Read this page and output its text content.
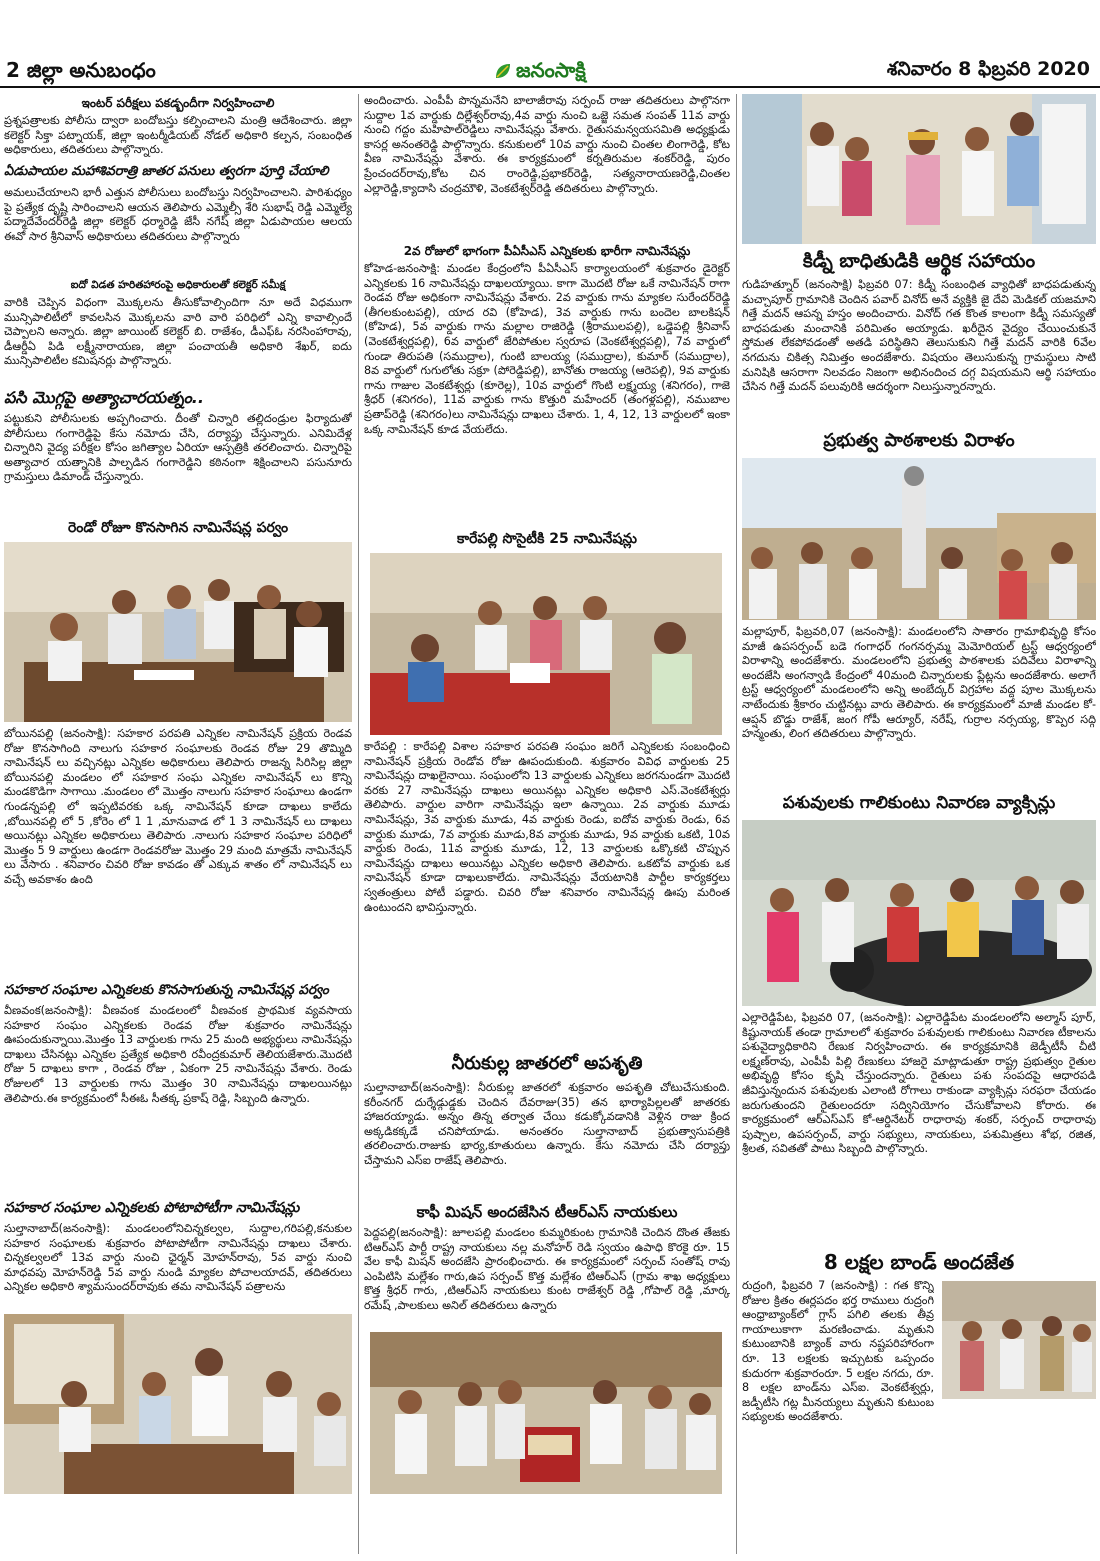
2 జిల్లా అనుబంధం	జనంసాక్షి	శనివారం 8 ఫిబ్రవరి 2020
ఇంటర్ పరీక్షలు పకడ్బందీగా నిర్వహించాలి

ప్రశ్నపత్రాలకు పోలీసు ద్వారా బందోబస్తు కల్పించాలని మంత్రి ఆదేశించారు. జిల్లా కలెక్టర్ సిక్తా పట్నాయక్, జిల్లా ఇంటర్మీడియట్ నోడల్ అధికారి కల్పన, సంబంధిత అధికారులు, తదితరులు పాల్గొన్నారు.

ఏడుపాయల మహాశివరాత్రి జాతర పనులు త్వరగా పూర్తి చేయాలి

అమలుచేయాలని భారీ ఎత్తున పోలీసులు బందోబస్తు నిర్వహించాలని. పారిశుధ్యం పై ప్రత్యేక దృష్టి సారించాలని ఆయన తెలిపారు ఎమ్మెల్సీ శేరి సుభాష్ రెడ్డి ఎమ్మెల్యే పద్మాదేవేందర్‌రెడ్డి జిల్లా కలెక్టర్ ధర్మారెడ్డి జేసీ నగేష్ జిల్లా ఏడుపాయల ఆలయ ఈవో సార శ్రీనివాస్ అధికారులు తదితరులు పాల్గొన్నారు

ఐదో విడత హరితహారంపై అధికారులతో కలెక్టర్ సమీక్ష

వారికి చెప్పిన విధంగా మొక్కలను తీసుకోవాల్సిందిగా నూ అదే విధముగా మున్సిపాలిటీలో కావలసిన మొక్కలను వారి వారి పరిధిలో ఎన్ని కావాల్సిందే చెప్పాలని అన్నారు. జిల్లా జాయింట్ కలెక్టర్ బి. రాజేశం, డీఎఫ్ఓ నరసింహారావు, డీఆర్డీఏ పిడి లక్ష్మీనారాయణ, జిల్లా పంచాయతీ అధికారి శేఖర్, ఐదు మున్సిపాలిటీల కమిషనర్లు పాల్గొన్నారు.

పసి మొగ్గపై అత్యాచారయత్నం..

పట్టుకుని పోలీసులకు అప్పగించారు. దీంతో చిన్నారి తల్లిదండ్రుల ఫిర్యాదుతో పోలీసులు గంగారెడ్డిపై కేసు నమోదు చేసి, దర్యాప్తు చేస్తున్నారు. ఎనిమిదేళ్ల చిన్నారిని వైద్య పరీక్షల కోసం జగిత్యాల ఏరియా ఆస్పత్రికి తరలించారు. చిన్నారిపై అత్యాచార యత్నానికి పాల్పడిన గంగారెడ్డిని కఠినంగా శిక్షించాలని పసునూరు గ్రామస్తులు డిమాండ్ చేస్తున్నారు.

రెండో రోజూ కొనసాగిన నామినేషన్ల పర్వం

బోయినపల్లి (జనంసాక్షి): సహకార పరపతి ఎన్నికల నామినేషన్ ప్రక్రియ రెండవ రోజు కొనసాగింది నాలుగు సహకార సంఘాలకు రెండవ రోజు 29 తొమ్మిది నామినేషన్ లు వచ్చినట్లు ఎన్నికల అధికారులు తెలిపారు రాజన్న సిరిసిల్ల జిల్లా బోయినపల్లి మండలం లో సహకార సంఘ ఎన్నికల నామినేషన్ లు కొన్ని మండకొడిగా సాగాయి .మండలం లో మొత్తం నాలుగు సహకార సంఘాలు ఉండగా గుండన్నపల్లి లో ఇప్పటివరకు ఒక్క నామినేషన్ కూడా దాఖలు కాలేదు ,బోయినపల్లి లో 5 ,కోరెం లో 1 1 ,మానువాడ లో 1 3 నామినేషన్ లు దాఖలు అయినట్లు ఎన్నికల అధికారులు తెలిపారు .నాలుగు సహకార సంఘాల పరిధిలో మొత్తం 5 9 వార్డులు ఉండగా రెండవరోజు మొత్తం 29 మంది మాత్రమే నామినేషన్ లు వేసారు . శనివారం చివరి రోజు కావడం తో ఎక్కువ శాతం లో నామినేషన్ లు వచ్చే అవకాశం ఉంది

సహకార సంఘాల ఎన్నికలకు కొనసాగుతున్న నామినేషన్ల పర్వం

వీణవంక(జనంసాక్షి): వీణవంక మండలంలో వీణవంక ప్రాథమిక వ్యవసాయ సహకార సంఘం ఎన్నికలకు రెండవ రోజు శుక్రవారం నామినేషన్లు ఊపందుకున్నాయి.మొత్తం 13 వార్డులకు గాను 25 మంది అభ్యర్థులు నామినేషన్లు దాఖలు చేసినట్లు ఎన్నికల ప్రత్యేక అధికారి రవీంద్రకుమార్ తెలియజేశారు.మొదటి రోజు 5 దాఖలు కాగా , రెండవ రోజు , ఏకంగా 25 నామినేషన్లు వేశారు. రెండు రోజులలో 13 వార్డులకు గాను మొత్తం 30 నామినేషన్లు దాఖలయినట్లు తెలిపారు.ఈ కార్యక్రమంలో సీఈఓ సీతక్క ప్రకాష్ రెడ్డి, సిబ్బంది ఉన్నారు.

సహకార సంఘాల ఎన్నికలకు పోటాపోటీగా నామినేషన్లు

సుల్తానాబాద్(జనంసాక్షి): మండలంలోనిచిన్నకల్వల, సుద్దాల,గరిపల్లి,కనుకుల సహకార సంఘాలకు శుక్రవారం పోటాపోటీగా నామినేషన్లు దాఖలు చేశారు. చిన్నకల్వలలో 13వ వార్డు నుంచి ఛైర్మన్ మోహన్‌రావు, 5వ వార్డు నుంచి మాధవపు మోహన్‌రెడ్డి 5వ వార్డు నుండి మ్యాకల పోచాలయాదవ్, తదితరులు ఎన్నికల అధికారి శ్యామసుందర్‌రావుకు తమ నామినేషన్ పత్రాలను

అందించారు. ఎంపీపీ పొన్నమనేని బాలాజీరావు సర్పంచ్ రాజు తదితరులు పాల్గొనగా సుద్దాల 1వ వార్డుకు దిల్లేశ్వర్‌రావు,4వ వార్డు నుంచి ఒజ్జె సమత సంపత్ 11వ వార్డు నుంచి గద్దం మహిపాల్‌రెడ్డిలు నామినేషన్లు వేశారు. రైతుసమన్వయసమితి అధ్యక్షుడు కాసర్ల అనంతరెడ్డి పాల్గొన్నారు. కనుకులలో 10వ వార్డు నుంచి చింతల లింగారెడ్డి, కోట వీణ నామినేషన్లు వేశారు. ఈ కార్యక్రమంలో కర్నతిరుమల శంకర్‌రెడ్డి, పురం ప్రేంచందర్‌రావు,కోట చిన రాంరెడ్డి,ప్రభాకర్‌రెడ్డి, సత్యనారాయణరెడ్డి,చింతల ఎల్లారెడ్డి,క్యాదాసి చంద్రమౌళి, వెంకటేశ్వర్‌రెడ్డి తదితరులు పాల్గొన్నారు.

2వ రోజులో భాగంగా పీఏసీఎస్ ఎన్నికలకు భారీగా నామినేషన్లు

కోహెడ-జనంసాక్షి: మండల కేంద్రంలోని పీఏసీఎస్ కార్యాలయంలో శుక్రవారం డైరెక్టర్ ఎన్నికలకు 16 నామినేషన్లు దాఖలయ్యాయి. కాగా మొదటి రోజు ఒకే నామినేషన్ రాగా రెండవ రోజు అధికంగా నామినేషన్లు వేశారు. 2వ వార్డుకు గాను మ్యాకల సురేందర్‌రెడ్డి (తీగలకుంటపల్లి), యాద రవి (కోహెడ), 3వ వార్డుకు గాను బందెల బాలకిషన్ (కోహెడ), 5వ వార్డుకు గాను మల్లాల రాజిరెడ్డి (శ్రీరాములపల్లి), ఒడ్డెపల్లి శ్రీనివాస్ (వెంకటేశ్వర్లపల్లి), 6వ వార్డులో జేరిపోతుల స్వరూప (వెంకటేశ్వర్లపల్లి), 7వ వార్డులో గుండా తిరుపతి (సముద్రాల), గుంటి బాలయ్య (సముద్రాల), కుమార్ (సముద్రాల), 8వ వార్డులో గుగులోతు సక్రూ (పోరెడ్డిపల్లి), బానోతు రాజయ్య (ఆరెపల్లి), 9వ వార్డుకు గాను గాజుల వెంకటేశ్వర్లు (కూరెల్ల), 10వ వార్డులో గొంటి లక్ష్మయ్య (శనిగరం), గాజె శ్రీధర్ (శనిగరం), 11వ వార్డుకు గాను కొత్తురి మహేందర్ (తంగళ్లపల్లి), నముబాల ప్రతాప్‌రెడ్డి (శనిగరం)లు నామినేషన్లు దాఖలు చేశారు. 1, 4, 12, 13 వార్డులలో ఇంకా ఒక్క నామినేషన్ కూడ వేయలేదు.

కారేపల్లి సొసైటీకి 25 నామినేషన్లు

కారేపల్లి : కారేపల్లి విశాల సహకార పరపతి సంఘం జరిగే ఎన్నికలకు సంబంధించి నామినేషన్ ప్రక్రియ రెండోవ రోజు ఊపందుకుంది. శుక్రవారం వివిధ వార్డులకు 25 నామినేషన్లు దాఖలైనాయి. సంఘంలోని 13 వార్డులకు ఎన్నికలు జరగనుండగా మొదటి వరకు 27 నామినేషన్లు దాఖలు అయినట్లు ఎన్నికల అధికారి ఎస్.వెంకటేశ్వర్లు తెలిపారు. వార్డుల వారిగా నామినేషన్లు ఇలా ఉన్నాయి. 2వ వార్డుకు మూడు నామినేషన్లు, 3వ వార్డుకు మూడు, 4వ వార్డుకు రెండు, ఐదోవ వార్డుకు రెండు, 6వ వార్డుకు మూడు, 7వ వార్డుకు మూడు,8వ వార్డుకు మూడు, 9వ వార్డుకు ఒకటి, 10వ వార్డుకు రెండు, 11వ వార్డుకు మూడు, 12, 13 వార్డులకు ఒక్కొకటి చొప్పున నామినేషన్లు దాఖలు అయినట్లు ఎన్నికల అధికారి తెలిపారు. ఒకటోవ వార్డుకు ఒక నామినేషన్ కూడా దాఖలుకాలేదు. నామినేషన్లు వేయటానికి పార్టీల కార్యకర్తలు స్వతంత్రులు పోటీ పడ్డారు. చివరి రోజు శనివారం నామినేషన్ల ఊపు మరింత ఉంటుందని భావిస్తున్నారు.

నీరుకుల్ల జాతరలో అపశృతి

సుల్తానాబాద్(జనంసాక్షి): నీరుకుల్ల జాతరలో శుక్రవారం అపశృతి చోటుచేసుకుంది. కరీంనగర్ దుర్శేడ్గుడ్డకు చెందిన దేవరాజు(35) తన భార్యాపిల్లలతో జాతరకు హాజరయ్యాడు. అన్నం తిన్న తర్వాత చేయి కడుక్కోవడానికి వెళ్లిన రాజు క్రింద అక్కడికక్కడే చనిపోయాడు. అనంతరం సుల్తానాబాద్ ప్రభుత్వాసుపత్రికి తరలించారు.రాజుకు భార్య,కూతురులు ఉన్నారు. కేసు నమోదు చేసి దర్యాప్తు చేస్తామని ఎస్ఐ రాజేష్ తెలిపారు.

కాఫీ మిషన్ అందజేసిన టీఆర్ఎస్ నాయకులు

పెద్దపల్లి(జనంసాక్షి): జూలపల్లి మండలం కుమ్మరికుంట గ్రామానికి చెందిన దొంత తేజకు టిఆర్ఎస్ పార్టీ రాష్ట్ర నాయకులు నల్ల మనోహర్ రెడి స్వయం ఉపాధి కొరకై రూ. 15 వేల కాఫీ మిషన్ అందజేసి ప్రారంభించారు. ఈ కార్యక్రమంలో సర్పంచ్ సంతోష్ రావు ఎంపిటిసి మల్లేశం గారు,ఉప సర్పంచ్ కొత్త మల్లేశం టిఆర్ఎస్ (గ్రామ శాఖ అధ్యక్షులు కొత్త శ్రీధర్ గారు, ,టిఆర్ఎస్ నాయకులు కుంట రాజేశ్వర్ రెడ్డి ,గోపాల్ రెడ్డి ,మార్క రమేష్ ,పాలకులు అనిల్ తదితరులు ఉన్నారు

కిడ్నీ బాధితుడికి ఆర్థిక సహాయం

గుడిహత్నూర్ (జనంసాక్షి) ఫిబ్రవరి 07: కిడ్నీ సంబంధిత వ్యాధితో బాధపడుతున్న మచ్చాపూర్ గ్రామానికి చెందిన పవార్ వినోద్ అనే వ్యక్తికి జై దేవి మెడికల్ యజమాని గిత్తే మదన్ ఆపన్న హస్తం అందించారు. వినోద్ గత కొంత కాలంగా కిడ్నీ సమస్యతో బాధపడుతు మంచానికి పరిమితం అయ్యాడు. ఖరీదైన వైద్యం చేయించుకునే స్తోమత లేకపోవడంతో అతడి పరిస్థితిని తెలుసుకుని గిత్తే మదన్ వారికి 6వేల నగదును చికిత్స నిమిత్తం అందజేశారు. విషయం తెలుసుకున్న గ్రామస్థులు సాటి మనిషికి ఆసరాగా నిలవడం నిజంగా అభినందించ దగ్గ విషయమని ఆర్థి సహాయం చేసిన గిత్తే మదన్ పలువురికి ఆదర్శంగా నిలుస్తున్నారన్నారు.

ప్రభుత్వ పాఠశాలకు విరాళం

మల్లాపూర్, ఫిబ్రవరి,07 (జనంసాక్షి): మండలంలోని సాతారం గ్రామాభివృద్ధి కోసం మాజీ ఉపసర్పంచ్ బడె గంగాధర్ గంగనర్సమ్మ మెమోరియల్ ట్రస్ట్ ఆధ్వర్యంలో విరాళాన్ని అందజేశారు. మండలంలోని ప్రభుత్వ పాఠశాలకు పదివేలు విరాళాన్ని అందజేసి అంగన్వాడి కేంద్రంలో 40మంది చిన్నారులకు ప్లేట్లను అందజేశారు. అలాగే ట్రస్ట్ ఆధ్వర్యంలో మండలంలోని అన్ని అంబేద్కర్ విగ్రహాల వద్ద పూల మొక్కలను నాటేందుకు శ్రీకారం చుట్టినట్లు వారు తెలిపారు. ఈ కార్యక్రమంలో మాజీ మండల కో-ఆప్షన్ బొడ్డు రాజేశ్, జంగ గోపీ ఆర్యూర్, నరేష్, గుర్రాల నర్సయ్య, కొప్పెర సద్గి హన్మంతు, లింగ తదితరులు పాల్గొన్నారు.

పశువులకు గాలికుంటు నివారణ వ్యాక్సిన్లు

ఎల్లారెడ్డిపేట, ఫిబ్రవరి 07, (జనంసాక్షి): ఎల్లారెడ్డిపేట మండలంలోని అల్మాస్ పూర్, కిష్టునాయక్ తండా గ్రామాలలో శుక్రవారం పశువులకు గాలికుంటు నివారణ టీకాలను పశువైద్యాధికారిని రేణుక నిర్వహించారు. ఈ కార్యక్రమానికి జెడ్పీటీసీ చీటి లక్ష్మణ్‌రావు, ఎంపీపీ పిల్లి రేణుకలు హాజరై మాట్లాడుతూ రాష్ట్ర ప్రభుత్వం రైతుల అభివృద్ధి కోసం కృషి చేస్తుందన్నారు. రైతులు పశు సంపదపై ఆధారపడి జీవిస్తున్నందున పశువులకు ఎలాంటి రోగాలు రాకుండా వ్యాక్సిన్లు సరఫరా చేయడం జరుగుతుందని రైతులందరూ సద్వినియోగం చేసుకోవాలని కోరారు. ఈ కార్యక్రమంలో ఆర్ఎస్ఎస్ కో-ఆర్డినేటర్ రాధారావు శంకర్, సర్పంచ్ రాధారావు పుష్పాల, ఉపసర్పంచ్, వార్డు సభ్యులు, నాయకులు, పశుమిత్రలు శోభ, రజిత, శ్రీలత, సవితతో పాటు సిబ్బంది పాల్గొన్నారు.

8 లక్షల బాండ్ అందజేత

రుద్రంగి, ఫిబ్రవరి 7 (జనంసాక్షి) : గత కొన్ని రోజుల క్రితం ఈర్లపదం భర్త రాములు రుద్రంగి ఆంధ్రాబ్యాంక్‌లో గ్లాస్ పగిలి తలకు తీవ్ర గాయాలుకాగా మరణించాడు. మృతుని కుటుంబానికి బ్యాంక్ వారు నష్టపరిహారంగా రూ. 13 లక్షలకు ఇచ్చుటకు ఒప్పందం కుదురగా శుక్రవారంరూ. 5 లక్షల నగదు, రూ. 8 లక్షల బాండ్‌ను ఎస్ఐ. వెంకటేశ్వర్లు, జడ్పీటీసి గట్ల మీనయ్యలు మృతుని కుటుంబ సభ్యులకు అందజేశారు.
